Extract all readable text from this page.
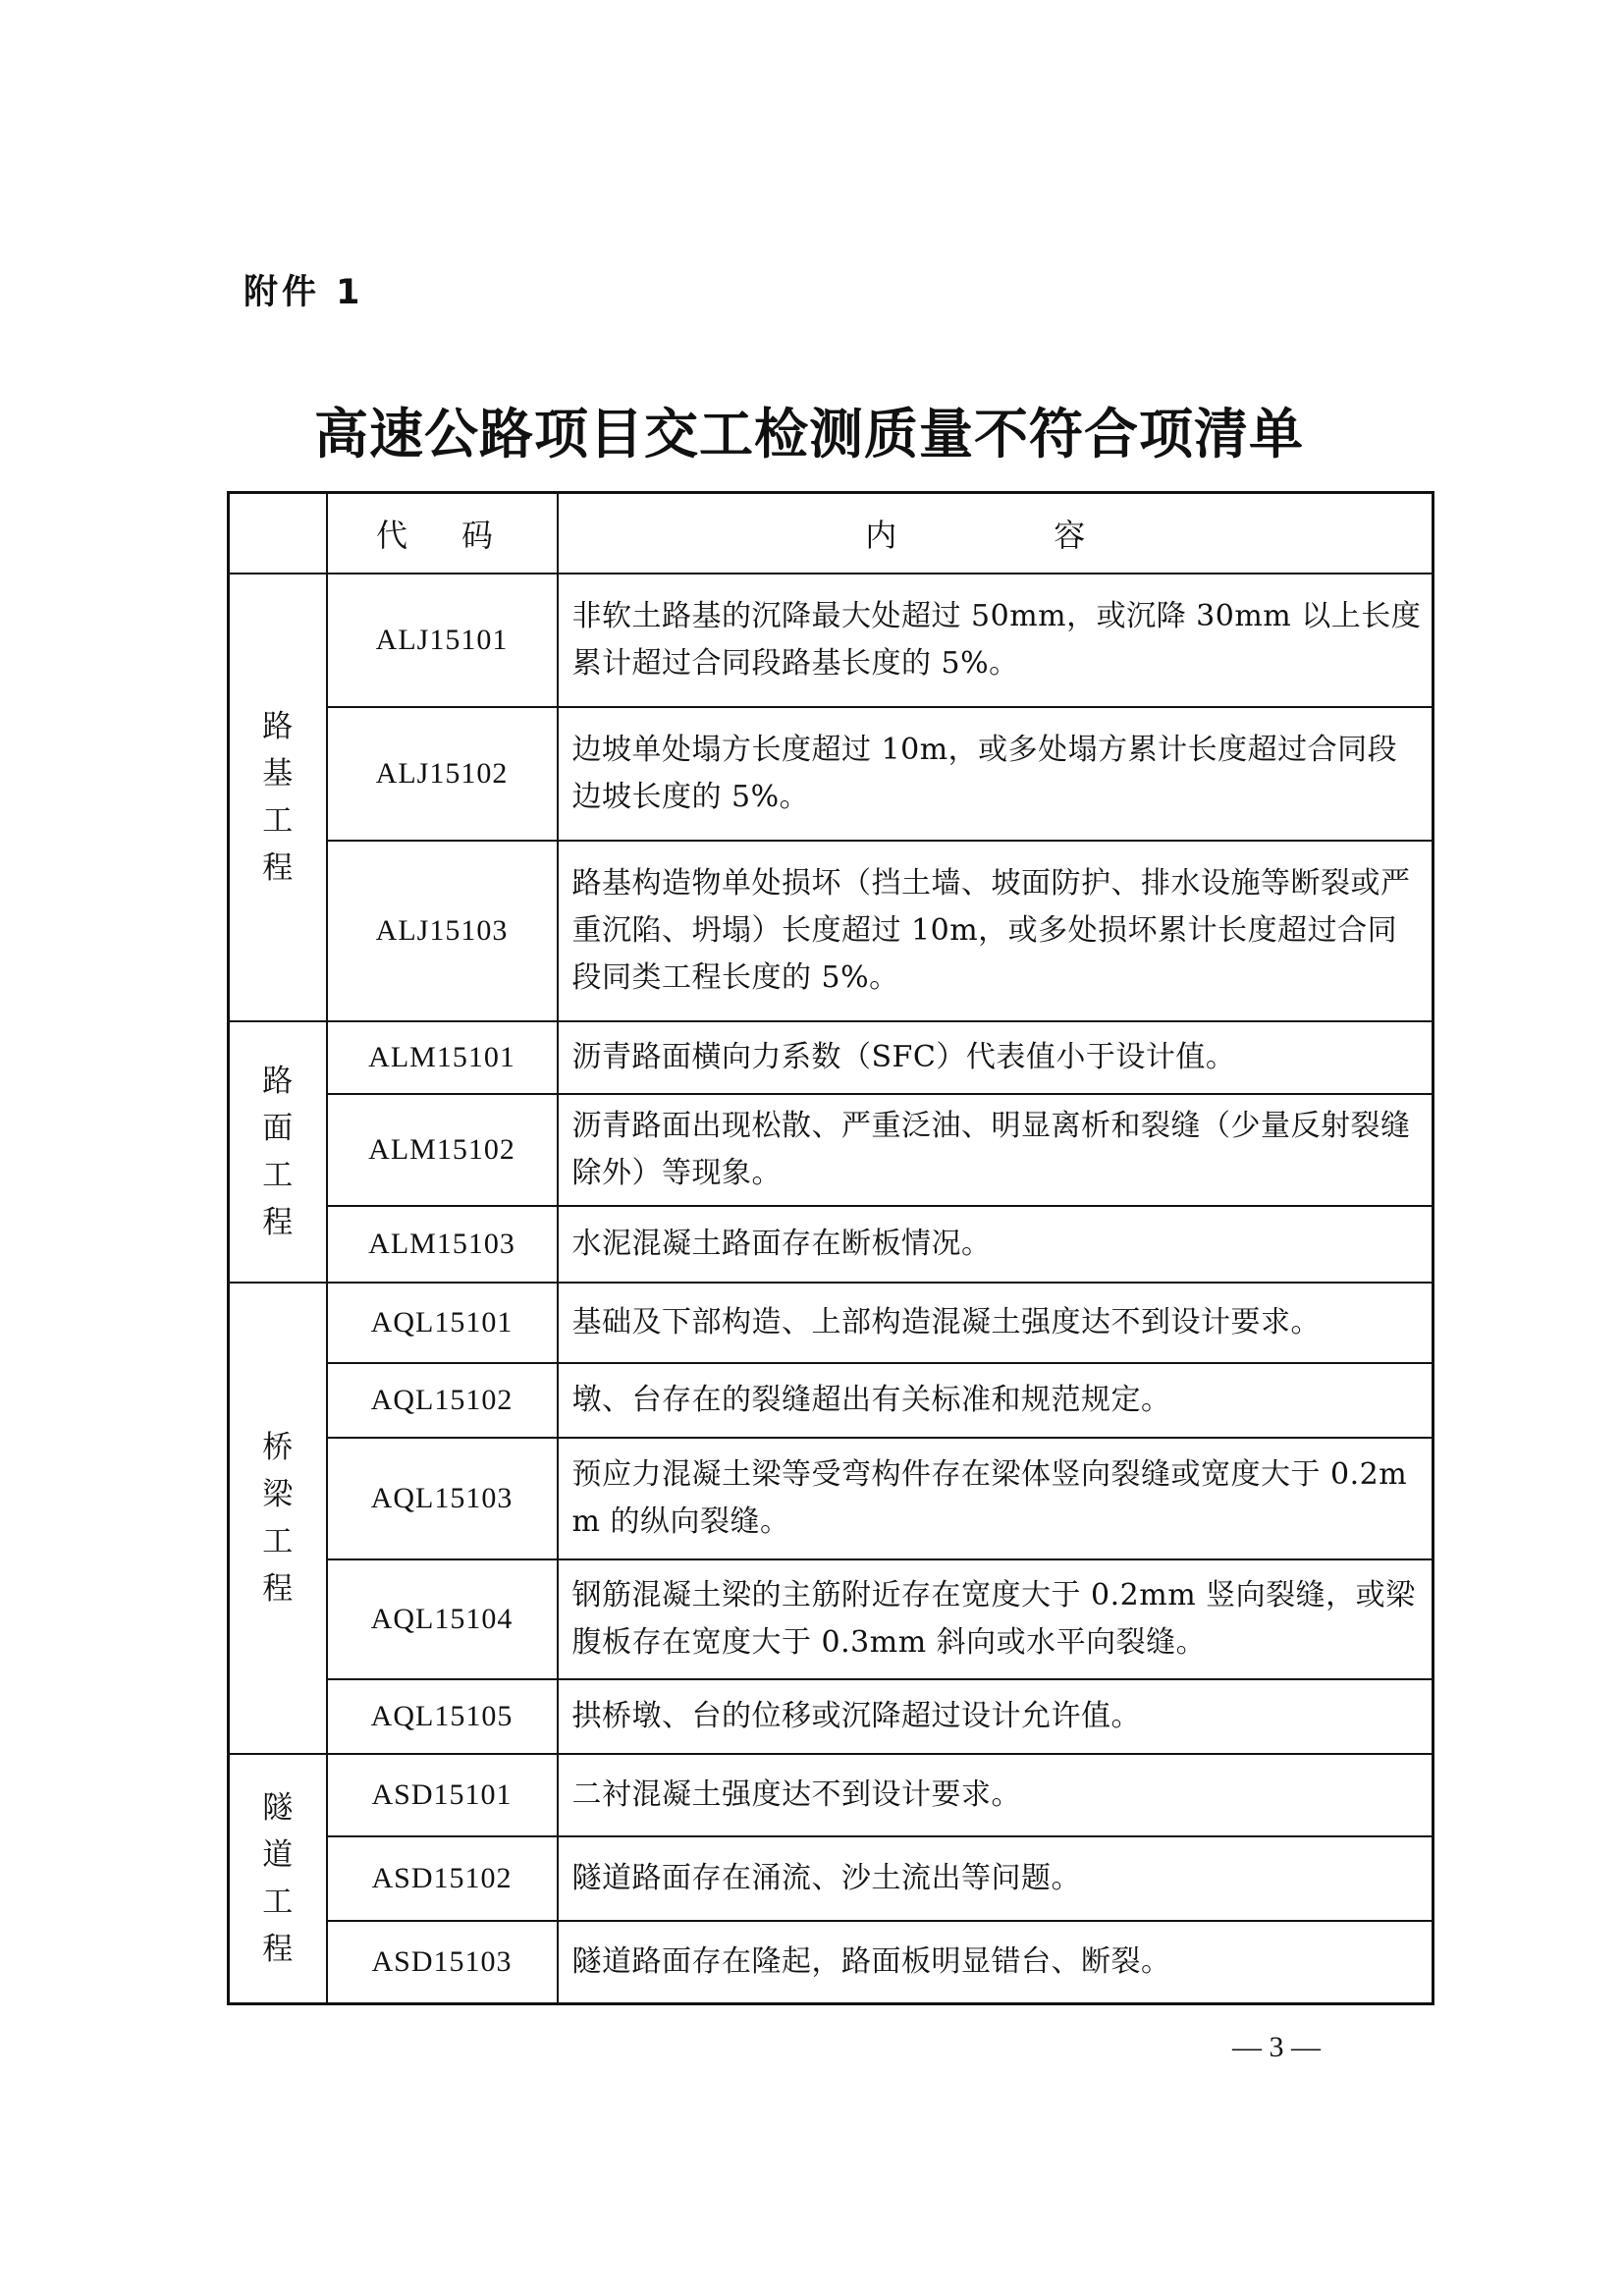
附件 1
高速公路项目交工检测质量不符合项清单
	代码	内容
路基工程	ALJ15101	非软土路基的沉降最大处超过 50mm，或沉降 30mm 以上长度累计超过合同段路基长度的 5%。
	ALJ15102	边坡单处塌方长度超过 10m，或多处塌方累计长度超过合同段边坡长度的 5%。
	ALJ15103	路基构造物单处损坏（挡土墙、坡面防护、排水设施等断裂或严重沉陷、坍塌）长度超过 10m，或多处损坏累计长度超过合同段同类工程长度的 5%。
路面工程	ALM15101	沥青路面横向力系数（SFC）代表值小于设计值。
	ALM15102	沥青路面出现松散、严重泛油、明显离析和裂缝（少量反射裂缝除外）等现象。
	ALM15103	水泥混凝土路面存在断板情况。
桥梁工程	AQL15101	基础及下部构造、上部构造混凝土强度达不到设计要求。
	AQL15102	墩、台存在的裂缝超出有关标准和规范规定。
	AQL15103	预应力混凝土梁等受弯构件存在梁体竖向裂缝或宽度大于 0.2mm 的纵向裂缝。
	AQL15104	钢筋混凝土梁的主筋附近存在宽度大于 0.2mm 竖向裂缝，或梁腹板存在宽度大于 0.3mm 斜向或水平向裂缝。
	AQL15105	拱桥墩、台的位移或沉降超过设计允许值。
隧道工程	ASD15101	二衬混凝土强度达不到设计要求。
	ASD15102	隧道路面存在涌流、沙土流出等问题。
	ASD15103	隧道路面存在隆起，路面板明显错台、断裂。
— 3 —
